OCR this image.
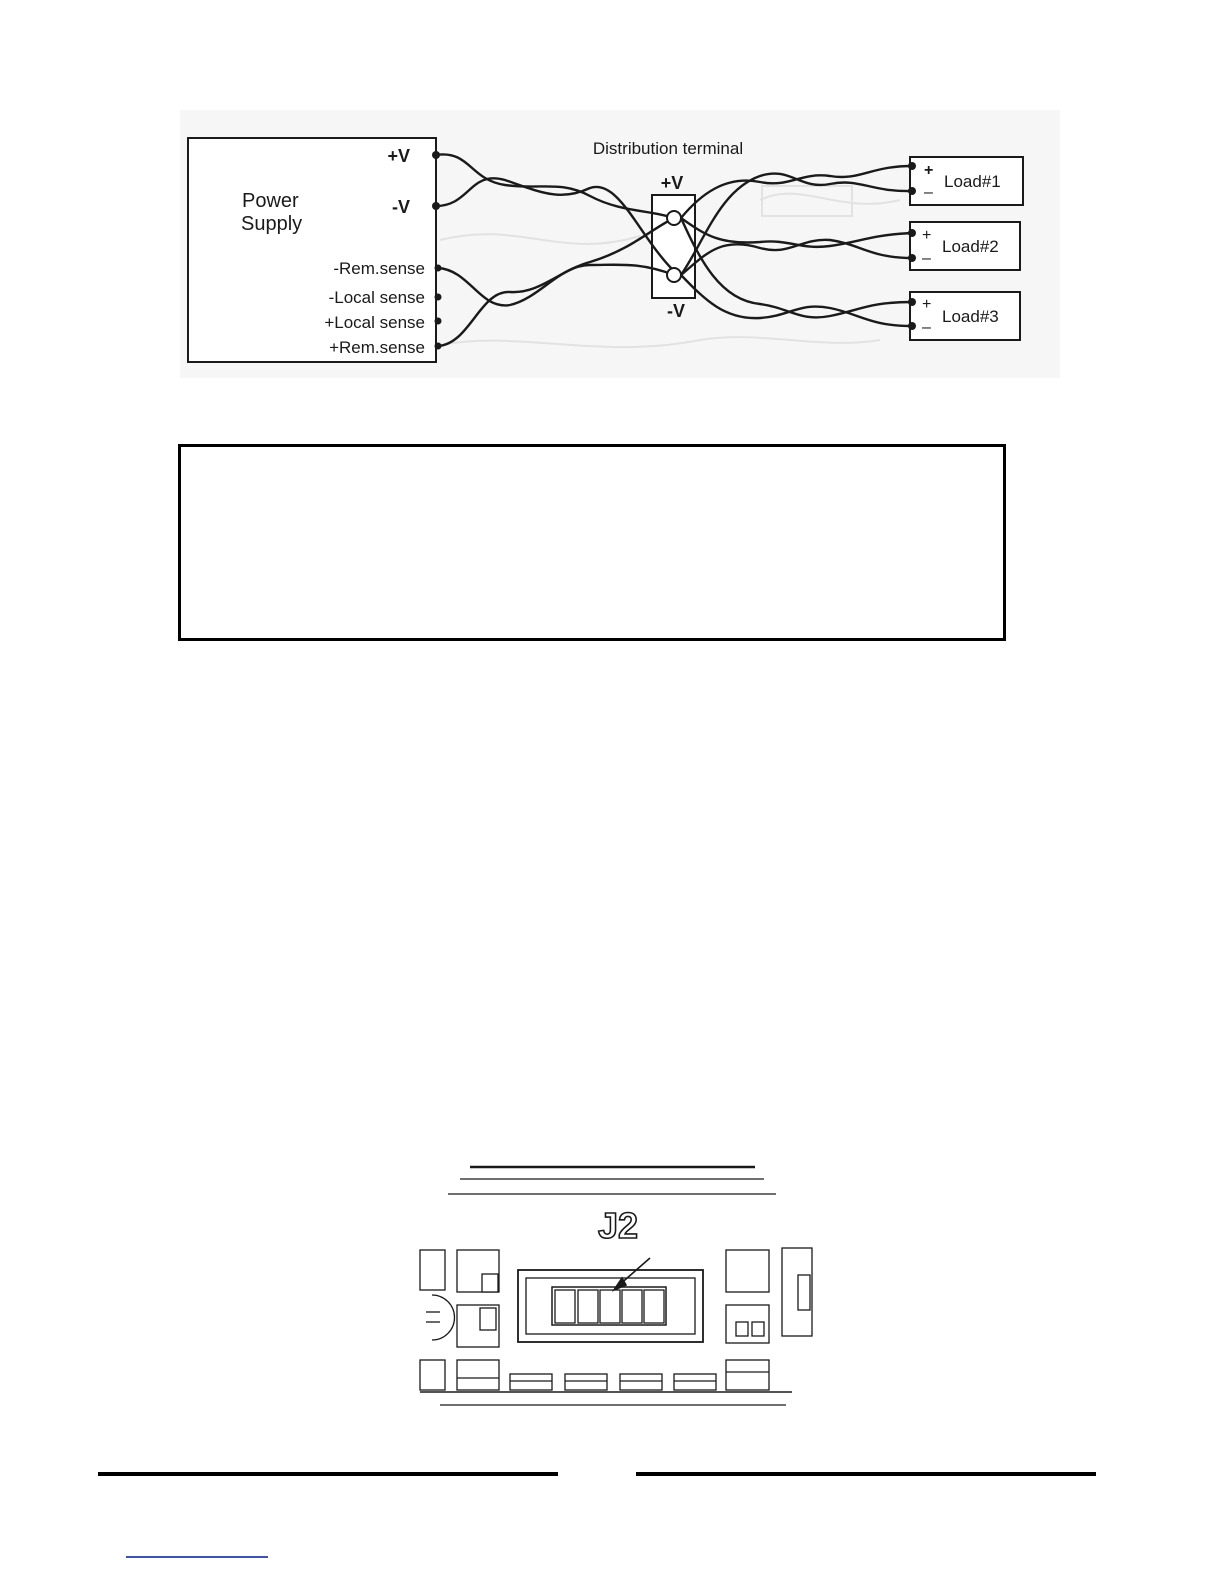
Power
Supply
+V
-V
-Rem.sense
-Local sense
+Local sense
+Rem.sense
Distribution terminal
+V
-V
+
–
Load#1
+
–
Load#2
+
–
Load#3
J2
